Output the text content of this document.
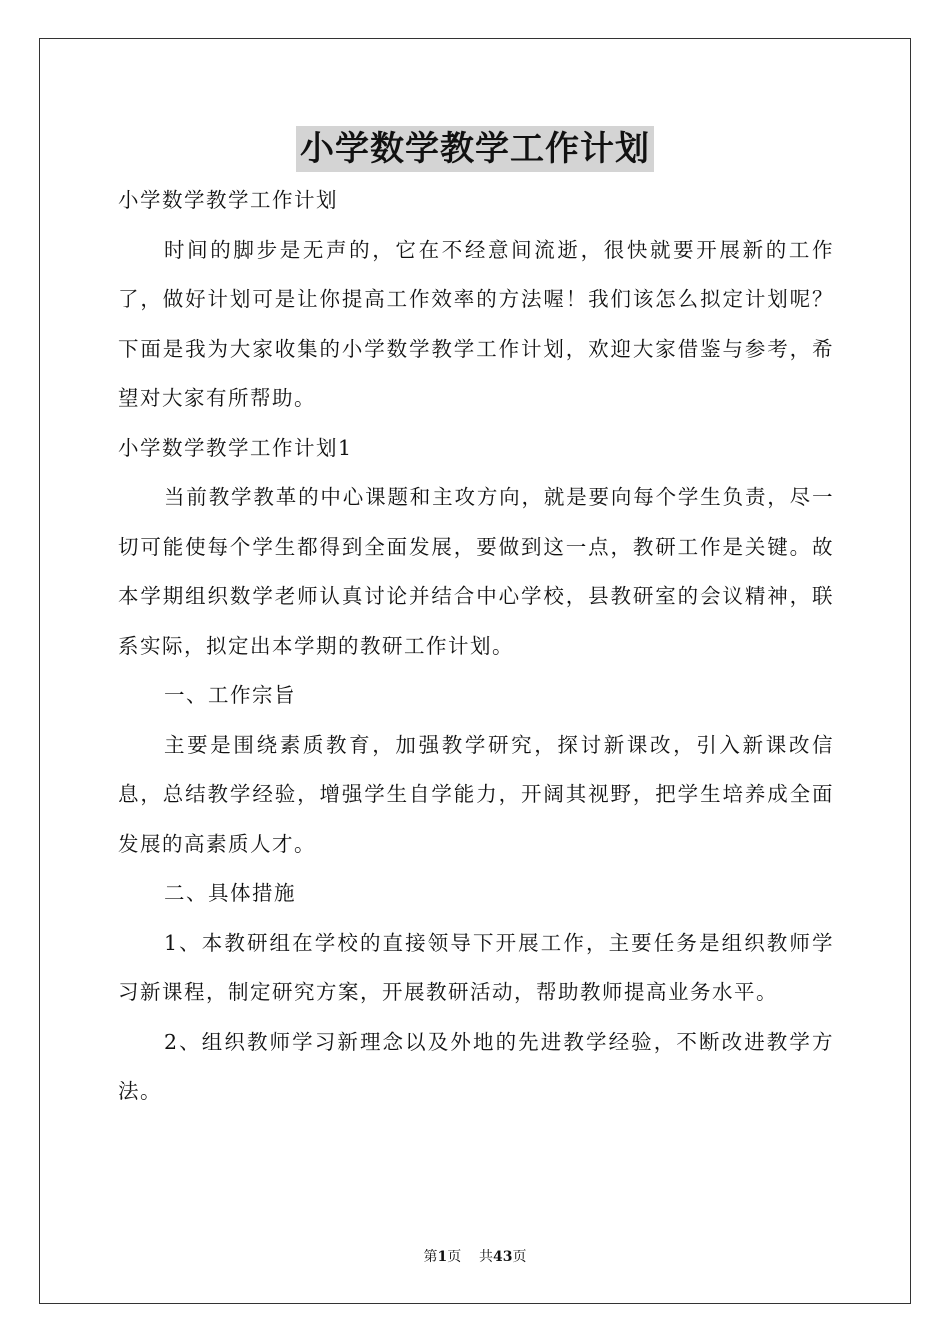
小学数学教学工作计划

小学数学教学工作计划

时间的脚步是无声的，它在不经意间流逝，很快就要开展新的工作了，做好计划可是让你提高工作效率的方法喔！我们该怎么拟定计划呢？下面是我为大家收集的小学数学教学工作计划，欢迎大家借鉴与参考，希望对大家有所帮助。

小学数学教学工作计划1

当前教学教革的中心课题和主攻方向，就是要向每个学生负责，尽一切可能使每个学生都得到全面发展，要做到这一点，教研工作是关键。故本学期组织数学老师认真讨论并结合中心学校，县教研室的会议精神，联系实际，拟定出本学期的教研工作计划。

一、工作宗旨

主要是围绕素质教育，加强教学研究，探讨新课改，引入新课改信息，总结教学经验，增强学生自学能力，开阔其视野，把学生培养成全面发展的高素质人才。

二、具体措施

1、本教研组在学校的直接领导下开展工作，主要任务是组织教师学习新课程，制定研究方案，开展教研活动，帮助教师提高业务水平。

2、组织教师学习新理念以及外地的先进教学经验，不断改进教学方法。

第1页 共43页
